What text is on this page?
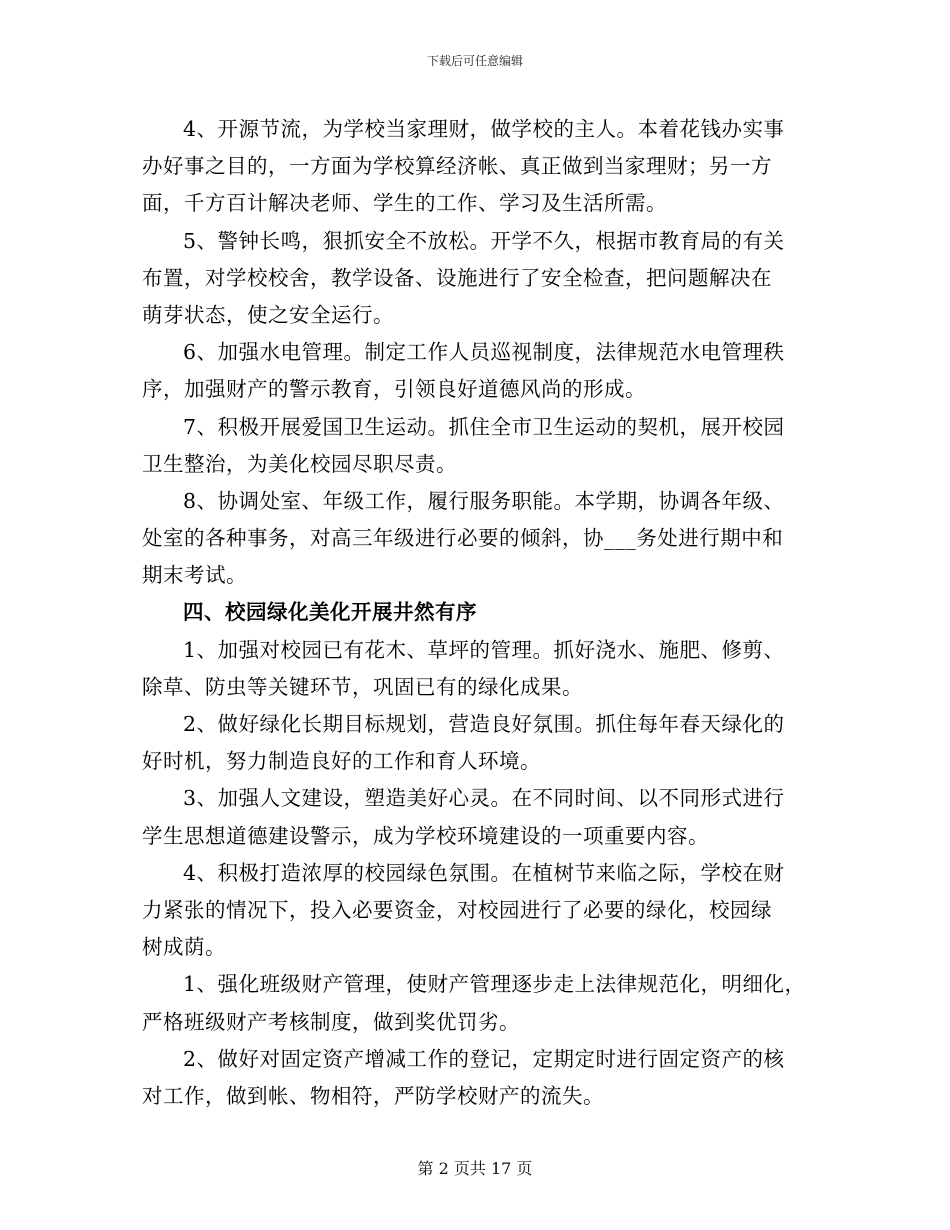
下载后可任意编辑
4、开源节流，为学校当家理财，做学校的主人。本着花钱办实事
办好事之目的，一方面为学校算经济帐、真正做到当家理财；另一方
面，千方百计解决老师、学生的工作、学习及生活所需。
5、警钟长鸣，狠抓安全不放松。开学不久，根据市教育局的有关
布置，对学校校舍，教学设备、设施进行了安全检查，把问题解决在
萌芽状态，使之安全运行。
6、加强水电管理。制定工作人员巡视制度，法律规范水电管理秩
序，加强财产的警示教育，引领良好道德风尚的形成。
7、积极开展爱国卫生运动。抓住全市卫生运动的契机，展开校园
卫生整治，为美化校园尽职尽责。
8、协调处室、年级工作，履行服务职能。本学期，协调各年级、
处室的各种事务，对高三年级进行必要的倾斜，协___务处进行期中和
期末考试。
四、校园绿化美化开展井然有序
1、加强对校园已有花木、草坪的管理。抓好浇水、施肥、修剪、
除草、防虫等关键环节，巩固已有的绿化成果。
2、做好绿化长期目标规划，营造良好氛围。抓住每年春天绿化的
好时机，努力制造良好的工作和育人环境。
3、加强人文建设，塑造美好心灵。在不同时间、以不同形式进行
学生思想道德建设警示，成为学校环境建设的一项重要内容。
4、积极打造浓厚的校园绿色氛围。在植树节来临之际，学校在财
力紧张的情况下，投入必要资金，对校园进行了必要的绿化，校园绿
树成荫。
1、强化班级财产管理，使财产管理逐步走上法律规范化，明细化，
严格班级财产考核制度，做到奖优罚劣。
2、做好对固定资产增减工作的登记，定期定时进行固定资产的核
对工作，做到帐、物相符，严防学校财产的流失。
第 2 页共 17 页
